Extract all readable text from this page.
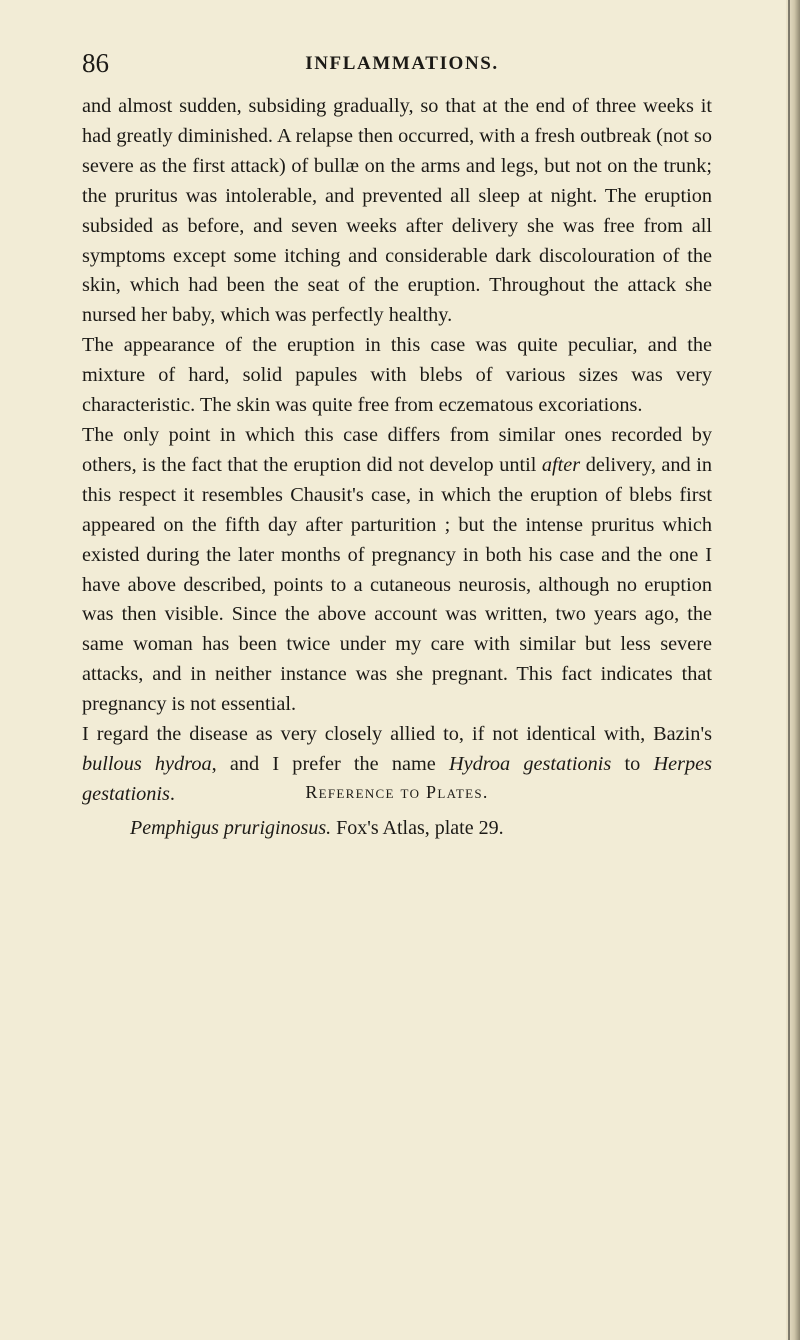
86	INFLAMMATIONS.

and almost sudden, subsiding gradually, so that at the end of three weeks it had greatly diminished. A relapse then occurred, with a fresh outbreak (not so severe as the first attack) of bullæ on the arms and legs, but not on the trunk; the pruritus was intolerable, and prevented all sleep at night. The eruption subsided as before, and seven weeks after delivery she was free from all symptoms except some itching and considerable dark discolouration of the skin, which had been the seat of the eruption. Throughout the attack she nursed her baby, which was perfectly healthy.

The appearance of the eruption in this case was quite peculiar, and the mixture of hard, solid papules with blebs of various sizes was very characteristic. The skin was quite free from eczematous excoriations.

The only point in which this case differs from similar ones recorded by others, is the fact that the eruption did not develop until after delivery, and in this respect it resembles Chausit's case, in which the eruption of blebs first appeared on the fifth day after parturition ; but the intense pruritus which existed during the later months of pregnancy in both his case and the one I have above described, points to a cutaneous neurosis, although no eruption was then visible. Since the above account was written, two years ago, the same woman has been twice under my care with similar but less severe attacks, and in neither instance was she pregnant. This fact indicates that pregnancy is not essential.

I regard the disease as very closely allied to, if not identical with, Bazin's bullous hydroa, and I prefer the name Hydroa gestationis to Herpes gestationis.	Reference to Plates.
Pemphigus pruriginosus. Fox's Atlas, plate 29.
